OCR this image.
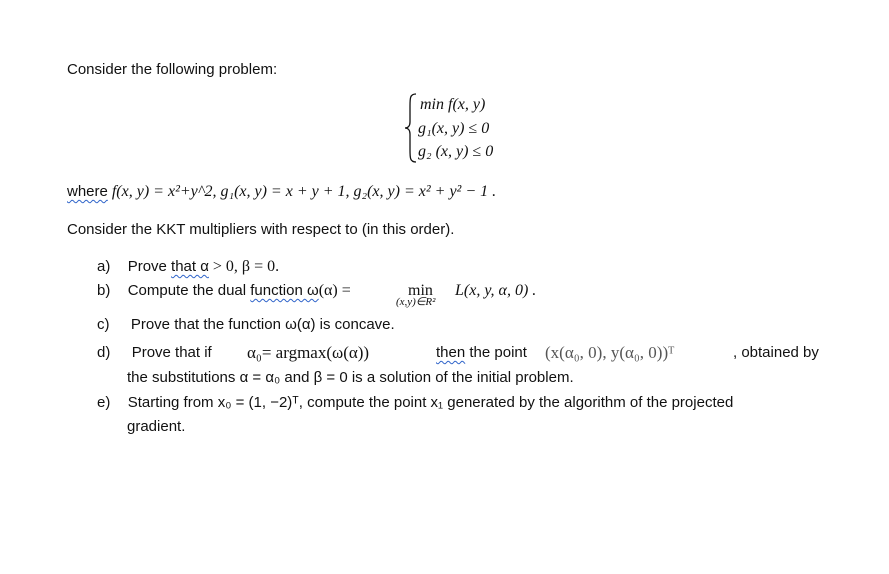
Consider the following problem:
min f(x, y)
g₁(x, y) ≤ 0
g₂ (x, y) ≤ 0
where f(x, y) = x²+y^2, g₁(x, y) = x + y + 1, g₂(x, y) = x² + y² − 1 .
Consider the KKT multipliers with respect to (in this order).
a) Prove that α > 0, β = 0.
b) Compute the dual function ω(α) =	min
(x,y)∈R²
L(x, y, α, 0) .
c) Prove that the function ω(α) is concave.
d) Prove that if α₀= argmax(ω(α))	then the point (x(α₀, 0), y(α₀, 0))ᵀ	, obtained by
the substitutions α = α₀ and β = 0 is a solution of the initial problem.
e) Starting from x₀ = (1, −2)ᵀ, compute the point x₁ generated by the algorithm of the projected
gradient.
